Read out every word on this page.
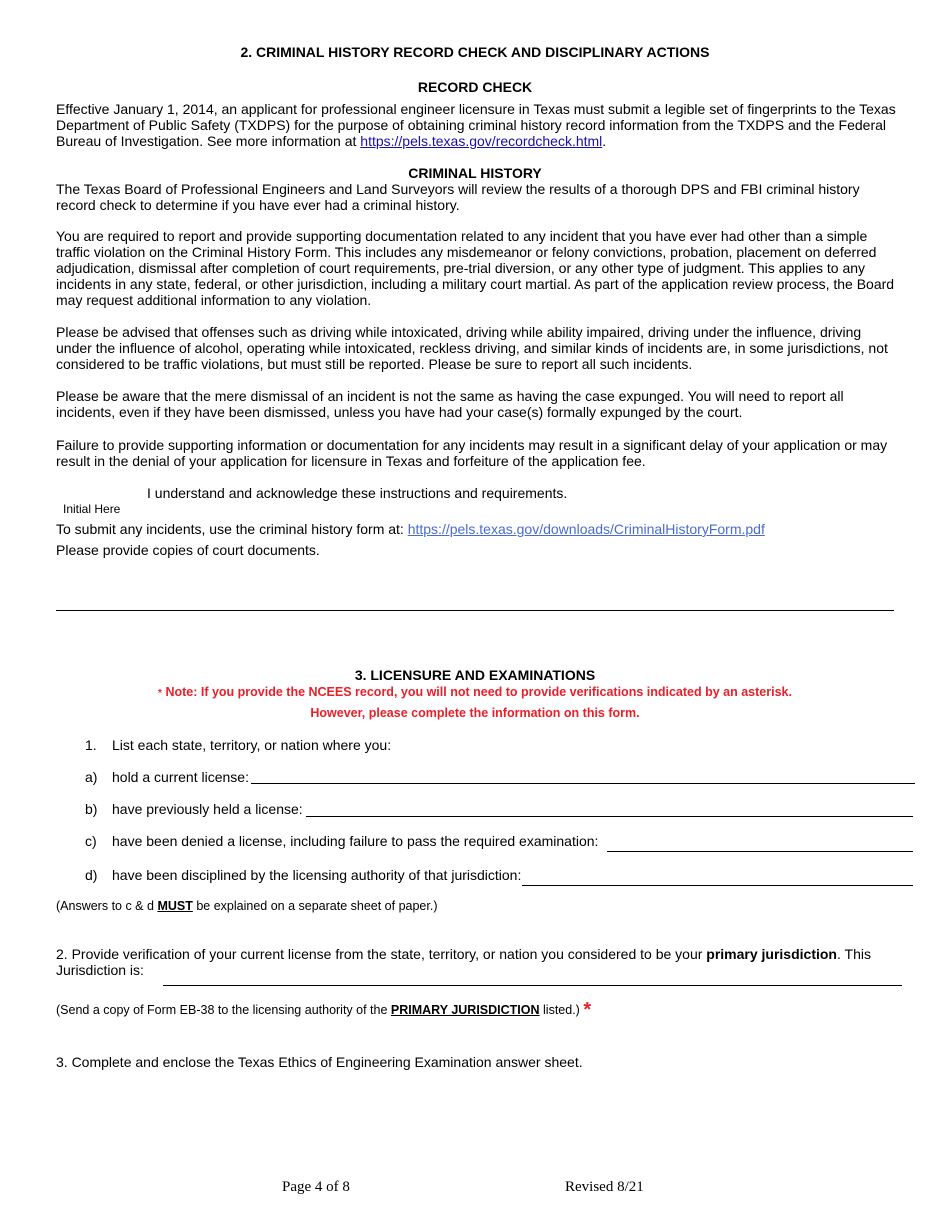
2. CRIMINAL HISTORY RECORD CHECK AND DISCIPLINARY ACTIONS
RECORD CHECK
Effective January 1, 2014, an applicant for professional engineer licensure in Texas must submit a legible set of fingerprints to the Texas Department of Public Safety (TXDPS) for the purpose of obtaining criminal history record information from the TXDPS and the Federal Bureau of Investigation. See more information at https://pels.texas.gov/recordcheck.html.
CRIMINAL HISTORY
The Texas Board of Professional Engineers and Land Surveyors will review the results of a thorough DPS and FBI criminal history record check to determine if you have ever had a criminal history.
You are required to report and provide supporting documentation related to any incident that you have ever had other than a simple traffic violation on the Criminal History Form. This includes any misdemeanor or felony convictions, probation, placement on deferred adjudication, dismissal after completion of court requirements, pre-trial diversion, or any other type of judgment. This applies to any incidents in any state, federal, or other jurisdiction, including a military court martial. As part of the application review process, the Board may request additional information to any violation.
Please be advised that offenses such as driving while intoxicated, driving while ability impaired, driving under the influence, driving under the influence of alcohol, operating while intoxicated, reckless driving, and similar kinds of incidents are, in some jurisdictions, not considered to be traffic violations, but must still be reported. Please be sure to report all such incidents.
Please be aware that the mere dismissal of an incident is not the same as having the case expunged. You will need to report all incidents, even if they have been dismissed, unless you have had your case(s) formally expunged by the court.
Failure to provide supporting information or documentation for any incidents may result in a significant delay of your application or may result in the denial of your application for licensure in Texas and forfeiture of the application fee.
I understand and acknowledge these instructions and requirements.
Initial Here
To submit any incidents, use the criminal history form at: https://pels.texas.gov/downloads/CriminalHistoryForm.pdf
Please provide copies of court documents.
3. LICENSURE AND EXAMINATIONS
* Note: If you provide the NCEES record, you will not need to provide verifications indicated by an asterisk.
However, please complete the information on this form.
1. List each state, territory, or nation where you:
a) hold a current license:
b) have previously held a license:
c) have been denied a license, including failure to pass the required examination:
d) have been disciplined by the licensing authority of that jurisdiction:
(Answers to c & d MUST be explained on a separate sheet of paper.)
2. Provide verification of your current license from the state, territory, or nation you considered to be your primary jurisdiction. This
Jurisdiction is:
(Send a copy of Form EB-38 to the licensing authority of the PRIMARY JURISDICTION listed.) *
3. Complete and enclose the Texas Ethics of Engineering Examination answer sheet.
Page 4 of 8	Revised 8/21
